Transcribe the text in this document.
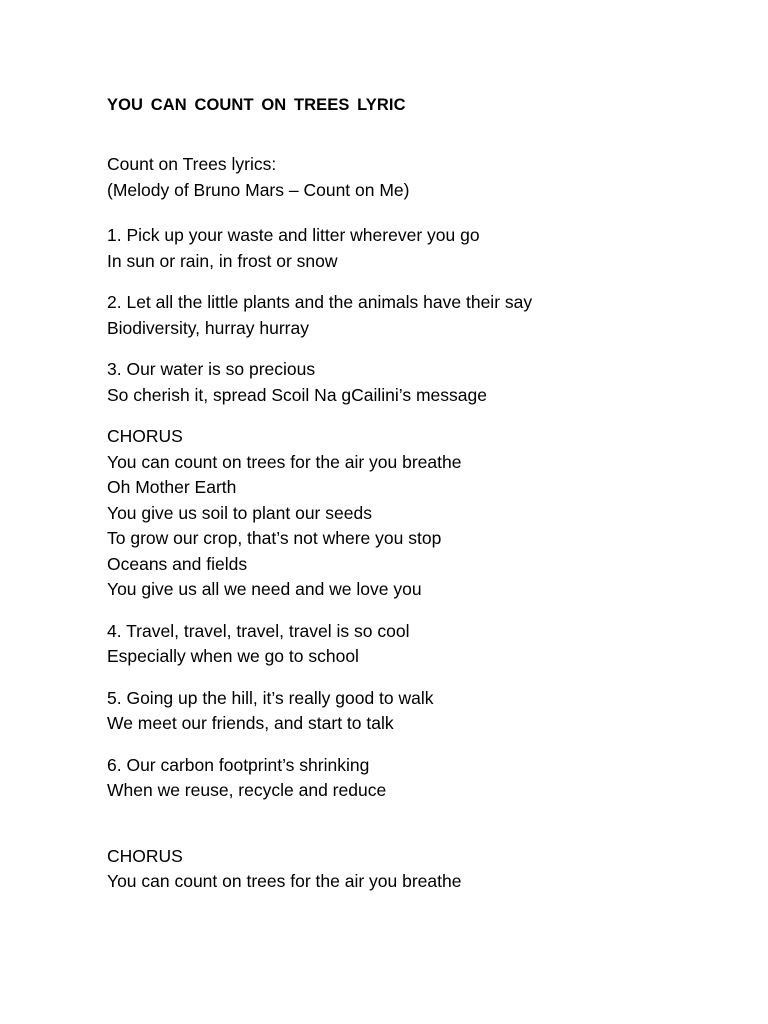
YOU CAN COUNT ON TREES LYRIC
Count on Trees lyrics:
(Melody of Bruno Mars – Count on Me)
1. Pick up your waste and litter wherever you go
In sun or rain, in frost or snow
2. Let all the little plants and the animals have their say
Biodiversity, hurray hurray
3. Our water is so precious
So cherish it, spread Scoil Na gCailini’s message
CHORUS
You can count on trees for the air you breathe
Oh Mother Earth
You give us soil to plant our seeds
To grow our crop, that’s not where you stop
Oceans and fields
You give us all we need and we love you
4. Travel, travel, travel, travel is so cool
Especially when we go to school
5. Going up the hill, it’s really good to walk
We meet our friends, and start to talk
6. Our carbon footprint’s shrinking
When we reuse, recycle and reduce
CHORUS
You can count on trees for the air you breathe
